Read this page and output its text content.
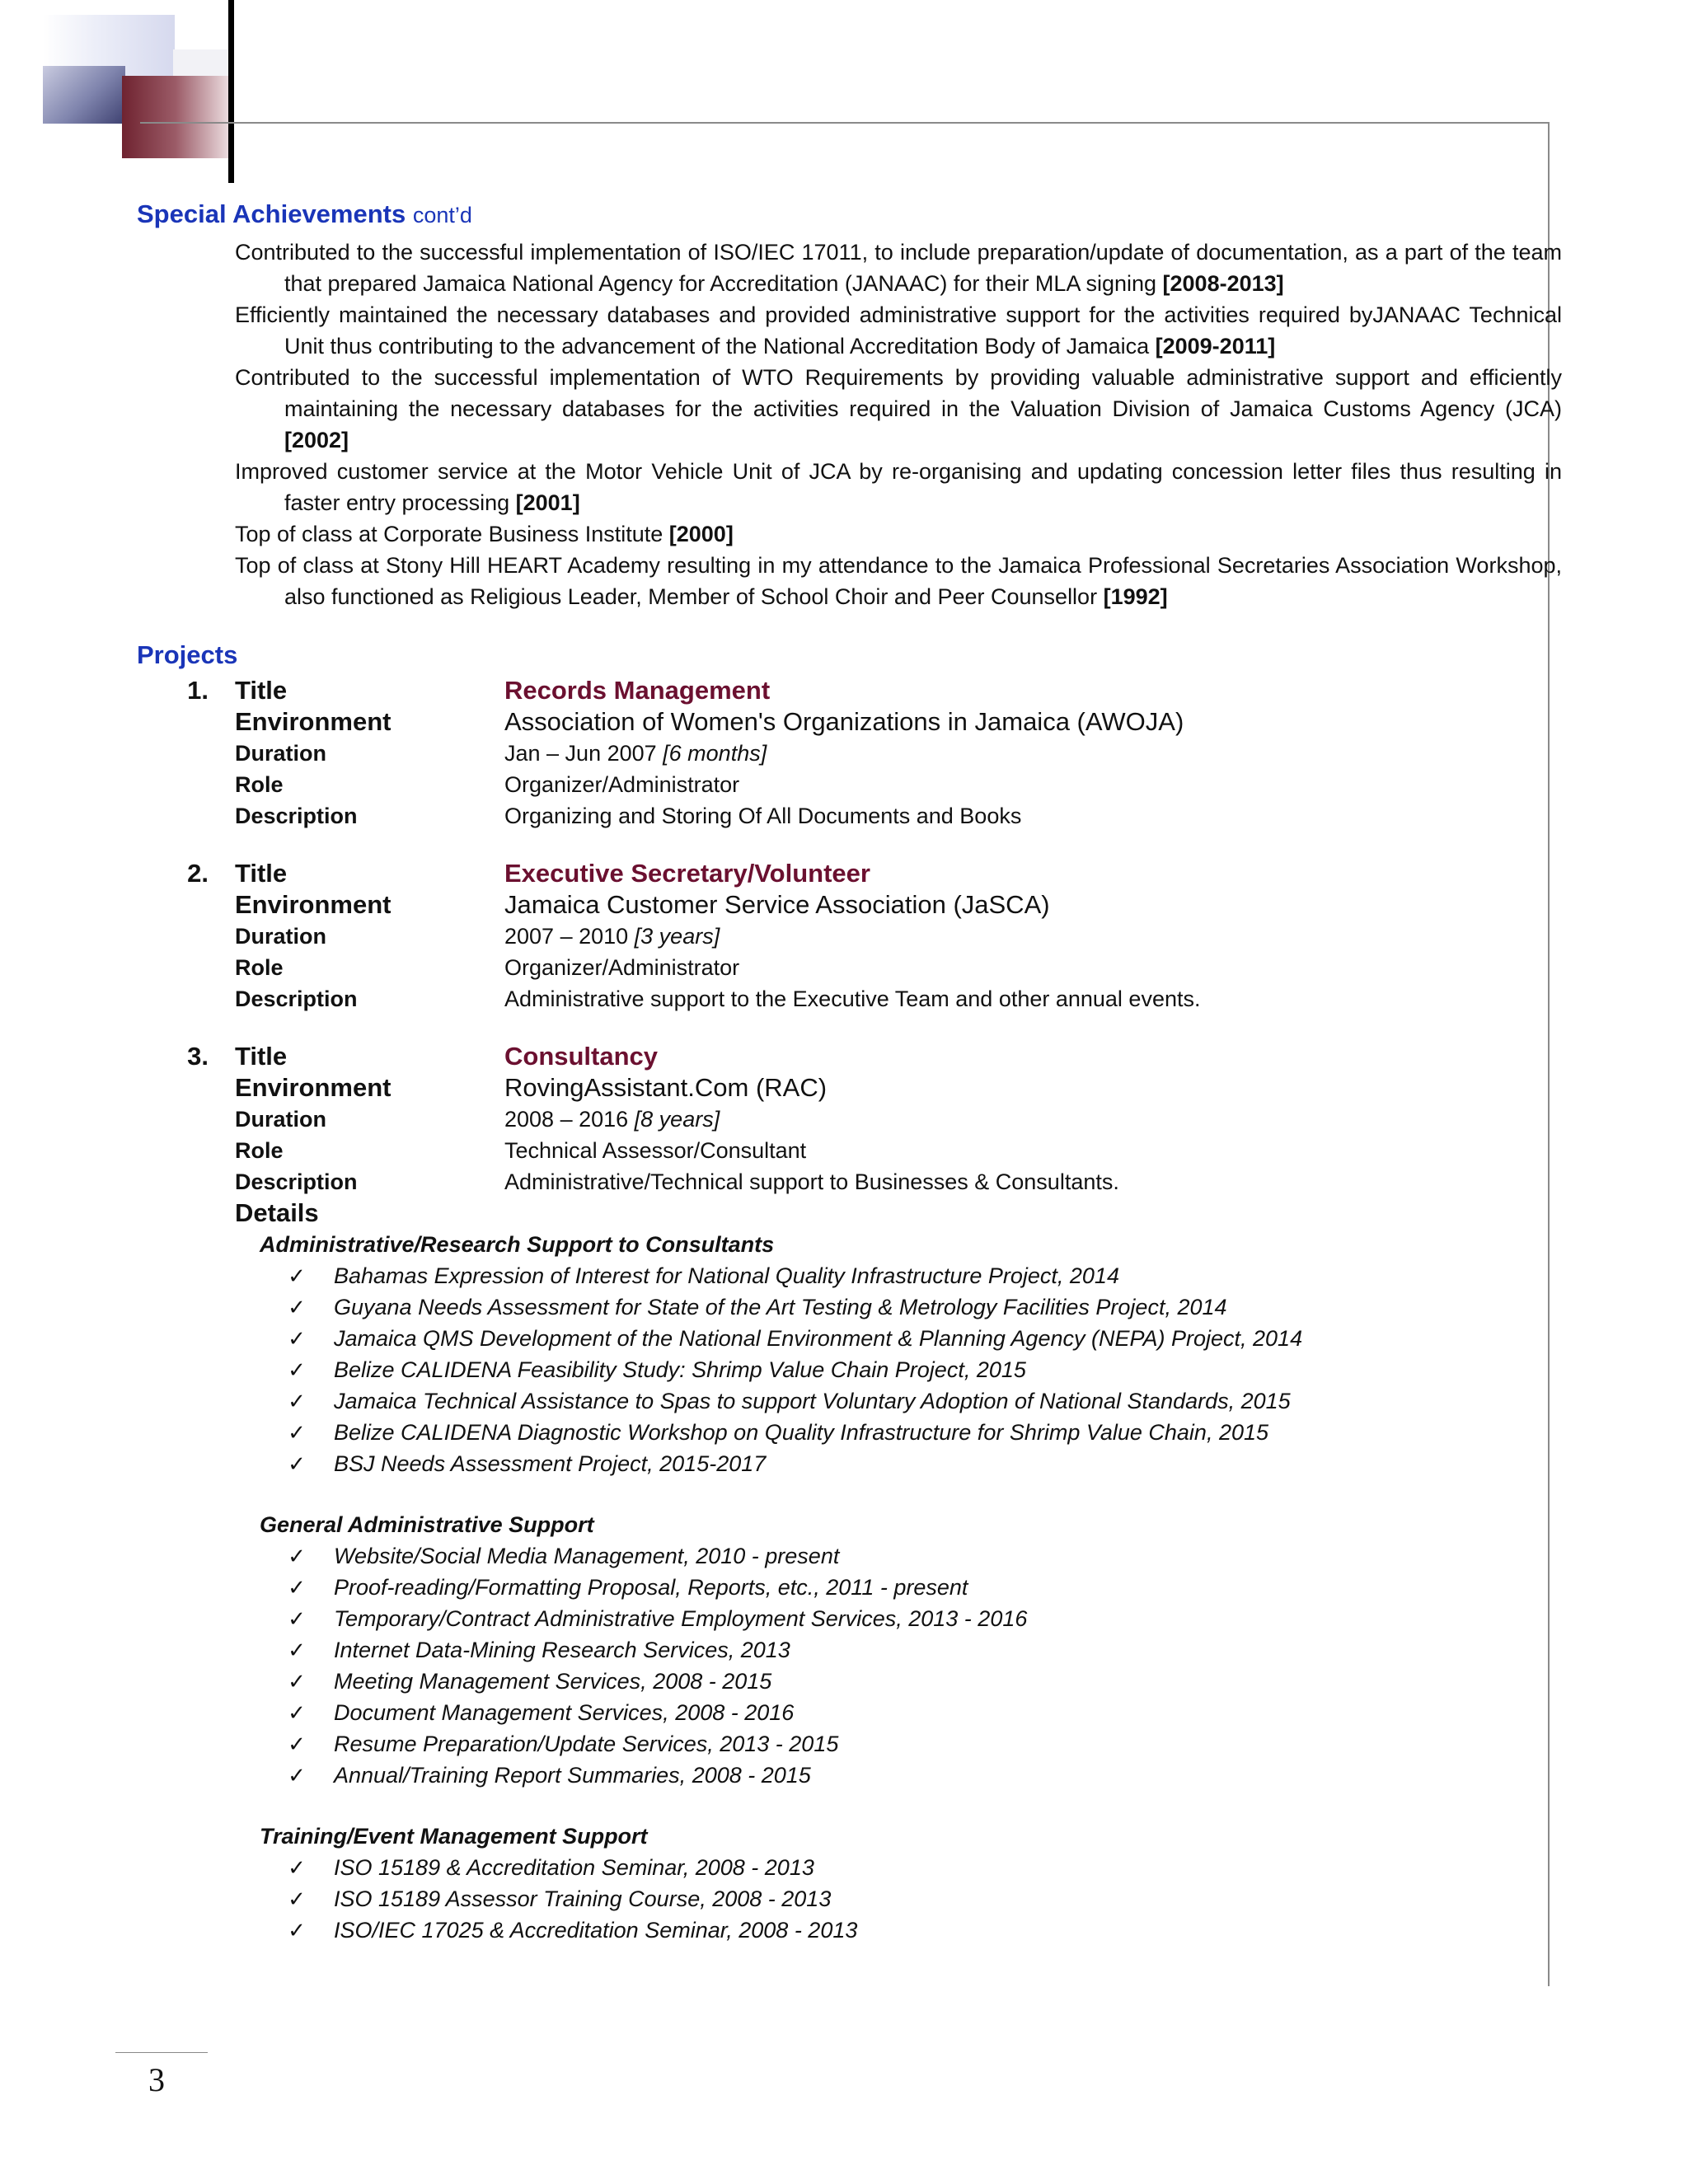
Special Achievements cont’d
Contributed to the successful implementation of ISO/IEC 17011, to include preparation/update of documentation, as a part of the team that prepared Jamaica National Agency for Accreditation (JANAAC) for their MLA signing [2008-2013]
Efficiently maintained the necessary databases and provided administrative support for the activities required byJANAAC Technical Unit thus contributing to the advancement of the National Accreditation Body of Jamaica [2009-2011]
Contributed to the successful implementation of WTO Requirements by providing valuable administrative support and efficiently maintaining the necessary databases for the activities required in the Valuation Division of Jamaica Customs Agency (JCA) [2002]
Improved customer service at the Motor Vehicle Unit of JCA by re-organising and updating concession letter files thus resulting in faster entry processing [2001]
Top of class at Corporate Business Institute [2000]
Top of class at Stony Hill HEART Academy resulting in my attendance to the Jamaica Professional Secretaries Association Workshop, also functioned as Religious Leader, Member of School Choir and Peer Counsellor [1992]
Projects
1.	Title	Records Management
Environment	Association of Women's Organizations in Jamaica (AWOJA)
Duration	Jan – Jun 2007 [6 months]
Role	Organizer/Administrator
Description	Organizing and Storing Of All Documents and Books
2.	Title	Executive Secretary/Volunteer
Environment	Jamaica Customer Service Association (JaSCA)
Duration	2007 – 2010 [3 years]
Role	Organizer/Administrator
Description	Administrative support to the Executive Team and other annual events.
3.	Title	Consultancy
Environment	RovingAssistant.Com (RAC)
Duration	2008 – 2016 [8 years]
Role	Technical Assessor/Consultant
Description	Administrative/Technical support to Businesses & Consultants.
Details
Administrative/Research Support to Consultants
✓ Bahamas Expression of Interest for National Quality Infrastructure Project, 2014
✓ Guyana Needs Assessment for State of the Art Testing & Metrology Facilities Project, 2014
✓ Jamaica QMS Development of the National Environment & Planning Agency (NEPA) Project, 2014
✓ Belize CALIDENA Feasibility Study: Shrimp Value Chain Project, 2015
✓ Jamaica Technical Assistance to Spas to support Voluntary Adoption of National Standards, 2015
✓ Belize CALIDENA Diagnostic Workshop on Quality Infrastructure for Shrimp Value Chain, 2015
✓ BSJ Needs Assessment Project, 2015-2017
General Administrative Support
✓ Website/Social Media Management, 2010 - present
✓ Proof-reading/Formatting Proposal, Reports, etc., 2011 - present
✓ Temporary/Contract Administrative Employment Services, 2013 - 2016
✓ Internet Data-Mining Research Services, 2013
✓ Meeting Management Services, 2008 - 2015
✓ Document Management Services, 2008 - 2016
✓ Resume Preparation/Update Services, 2013 - 2015
✓ Annual/Training Report Summaries, 2008 - 2015
Training/Event Management Support
✓ ISO 15189 & Accreditation Seminar, 2008 - 2013
✓ ISO 15189 Assessor Training Course, 2008 - 2013
✓ ISO/IEC 17025 & Accreditation Seminar, 2008 - 2013
3
